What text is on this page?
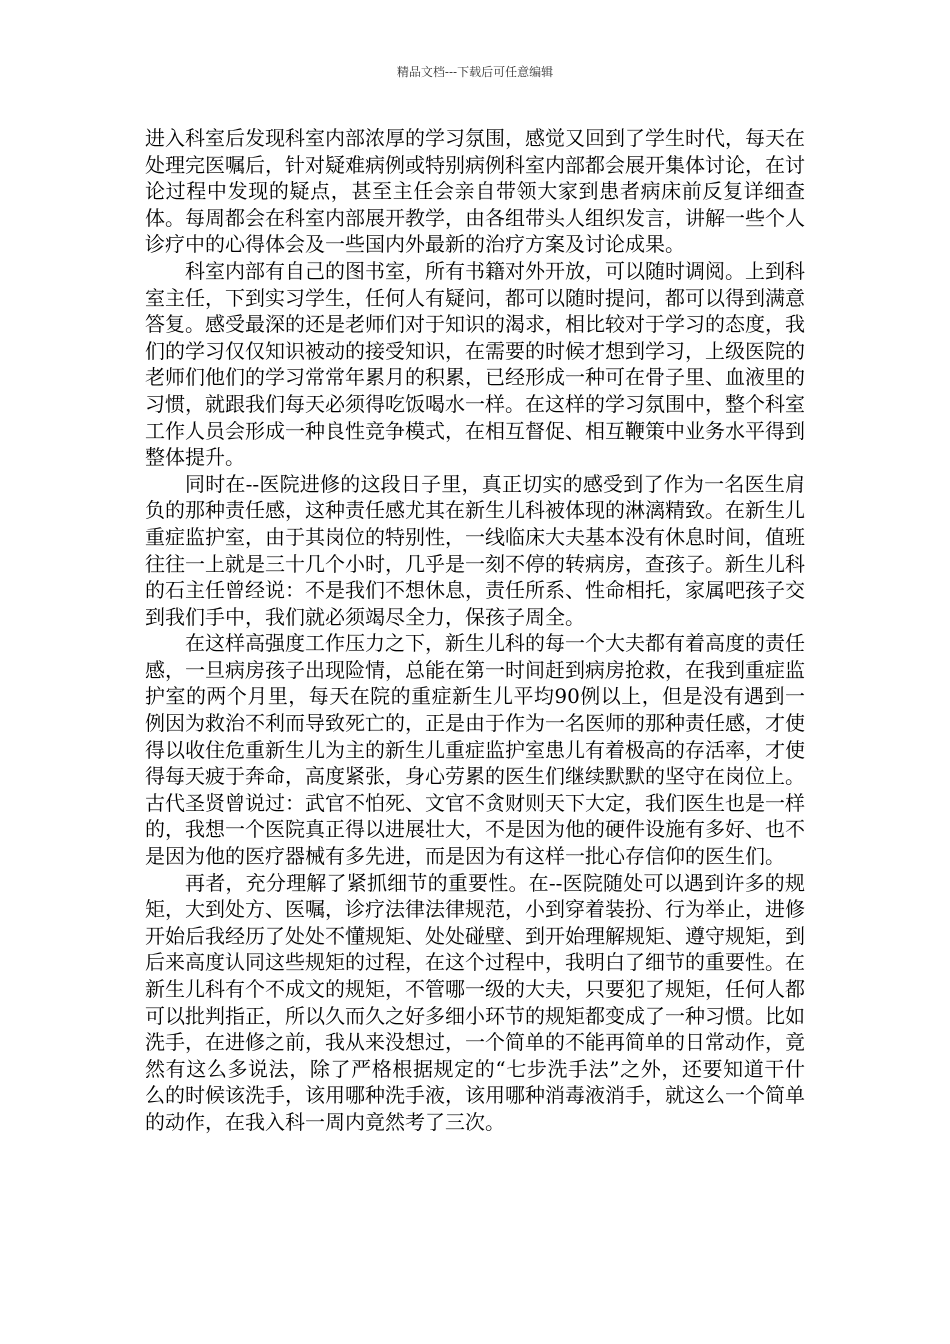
精品文档---下载后可任意编辑

进入科室后发现科室内部浓厚的学习氛围，感觉又回到了学生时代，每天在处理完医嘱后，针对疑难病例或特别病例科室内部都会展开集体讨论，在讨论过程中发现的疑点，甚至主任会亲自带领大家到患者病床前反复详细查体。每周都会在科室内部展开教学，由各组带头人组织发言，讲解一些个人诊疗中的心得体会及一些国内外最新的治疗方案及讨论成果。

科室内部有自己的图书室，所有书籍对外开放，可以随时调阅。上到科室主任，下到实习学生，任何人有疑问，都可以随时提问，都可以得到满意答复。感受最深的还是老师们对于知识的渴求，相比较对于学习的态度，我们的学习仅仅知识被动的接受知识，在需要的时候才想到学习，上级医院的老师们他们的学习常常年累月的积累，已经形成一种可在骨子里、血液里的习惯，就跟我们每天必须得吃饭喝水一样。在这样的学习氛围中，整个科室工作人员会形成一种良性竞争模式，在相互督促、相互鞭策中业务水平得到整体提升。

同时在--医院进修的这段日子里，真正切实的感受到了作为一名医生肩负的那种责任感，这种责任感尤其在新生儿科被体现的淋漓精致。在新生儿重症监护室，由于其岗位的特别性，一线临床大夫基本没有休息时间，值班往往一上就是三十几个小时，几乎是一刻不停的转病房，查孩子。新生儿科的石主任曾经说：不是我们不想休息，责任所系、性命相托，家属吧孩子交到我们手中，我们就必须竭尽全力，保孩子周全。

在这样高强度工作压力之下，新生儿科的每一个大夫都有着高度的责任感，一旦病房孩子出现险情，总能在第一时间赶到病房抢救，在我到重症监护室的两个月里，每天在院的重症新生儿平均90例以上，但是没有遇到一例因为救治不利而导致死亡的，正是由于作为一名医师的那种责任感，才使得以收住危重新生儿为主的新生儿重症监护室患儿有着极高的存活率，才使得每天疲于奔命，高度紧张，身心劳累的医生们继续默默的坚守在岗位上。古代圣贤曾说过：武官不怕死、文官不贪财则天下大定，我们医生也是一样的，我想一个医院真正得以进展壮大，不是因为他的硬件设施有多好、也不是因为他的医疗器械有多先进，而是因为有这样一批心存信仰的医生们。

再者，充分理解了紧抓细节的重要性。在--医院随处可以遇到许多的规矩，大到处方、医嘱，诊疗法律法律规范，小到穿着装扮、行为举止，进修开始后我经历了处处不懂规矩、处处碰壁、到开始理解规矩、遵守规矩，到后来高度认同这些规矩的过程，在这个过程中，我明白了细节的重要性。在新生儿科有个不成文的规矩，不管哪一级的大夫，只要犯了规矩，任何人都可以批判指正，所以久而久之好多细小环节的规矩都变成了一种习惯。比如洗手，在进修之前，我从来没想过，一个简单的不能再简单的日常动作，竟然有这么多说法，除了严格根据规定的“七步洗手法”之外，还要知道干什么的时候该洗手，该用哪种洗手液，该用哪种消毒液消手，就这么一个简单的动作，在我入科一周内竟然考了三次。
